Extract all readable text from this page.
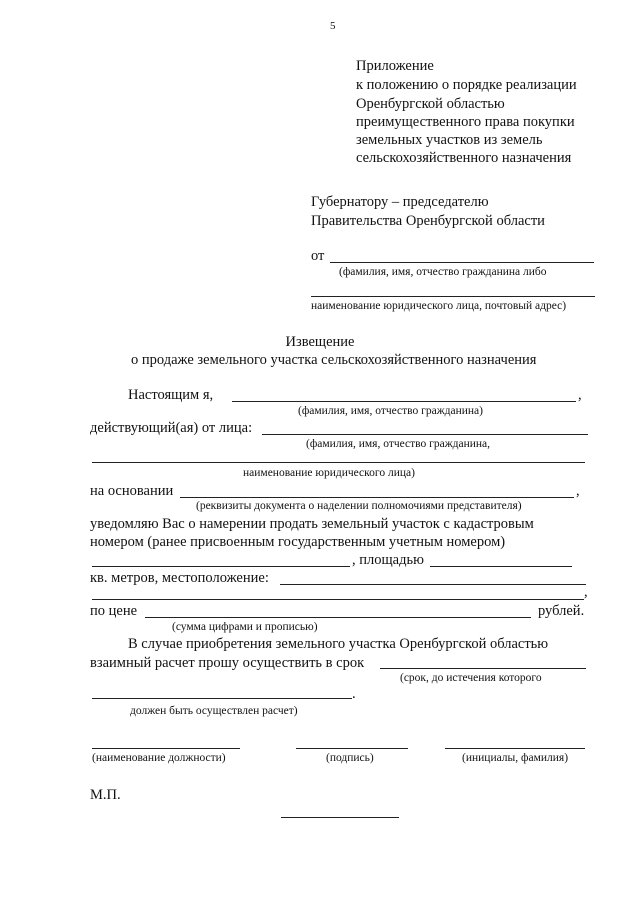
5
Приложение
к положению о порядке реализации
Оренбургской областью
преимущественного права покупки
земельных участков из земель
сельскохозяйственного назначения
Губернатору – председателю
Правительства Оренбургской области
от
(фамилия, имя, отчество гражданина либо
наименование юридического лица, почтовый адрес)
Извещение
о продаже земельного участка сельскохозяйственного назначения
Настоящим я,	,
(фамилия, имя, отчество гражданина)
действующий(ая) от лица:
(фамилия, имя, отчество гражданина,
наименование юридического лица)
на основании	,
(реквизиты документа о наделении полномочиями представителя)
уведомляю Вас о намерении продать земельный участок с кадастровым
номером (ранее присвоенным государственным учетным номером)
, площадью
кв. метров, местоположение:
,
по цене	рублей.
(сумма цифрами и прописью)
В случае приобретения земельного участка Оренбургской областью
взаимный расчет прошу осуществить в срок
(срок, до истечения которого
.
должен быть осуществлен расчет)
(наименование должности)	(подпись)	(инициалы, фамилия)
М.П.
